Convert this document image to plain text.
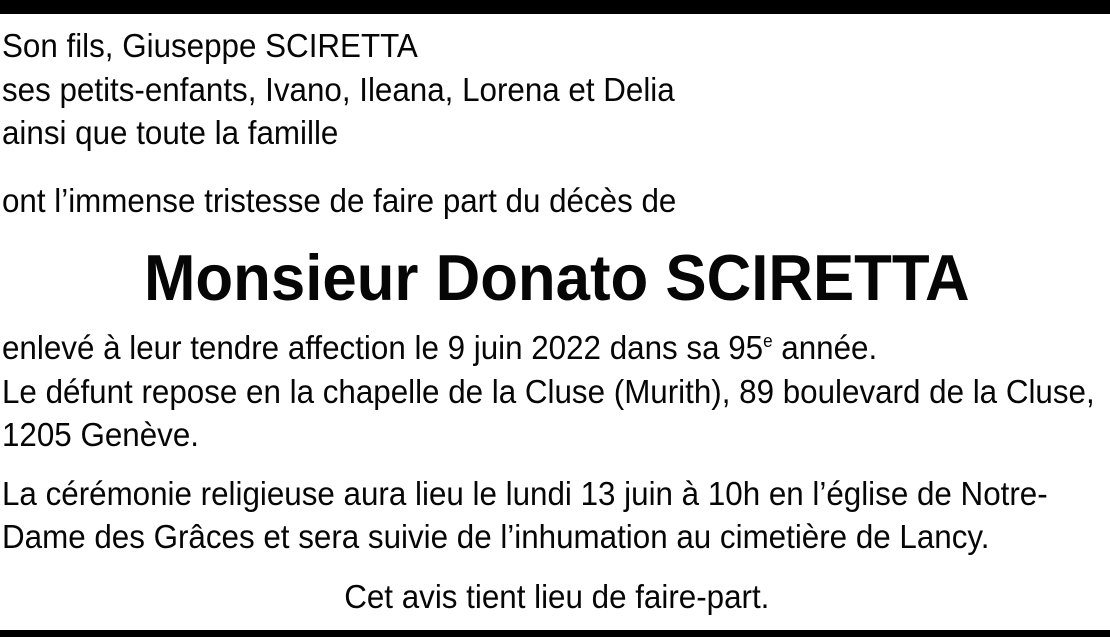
Son fils, Giuseppe SCIRETTA
ses petits-enfants, Ivano, Ileana, Lorena et Delia
ainsi que toute la famille
ont l’immense tristesse de faire part du décès de
Monsieur Donato SCIRETTA
enlevé à leur tendre affection le 9 juin 2022 dans sa 95e année.
Le défunt repose en la chapelle de la Cluse (Murith), 89 boulevard de la Cluse,
1205 Genève.
La cérémonie religieuse aura lieu le lundi 13 juin à 10h en l’église de Notre-
Dame des Grâces et sera suivie de l’inhumation au cimetière de Lancy.
Cet avis tient lieu de faire-part.
